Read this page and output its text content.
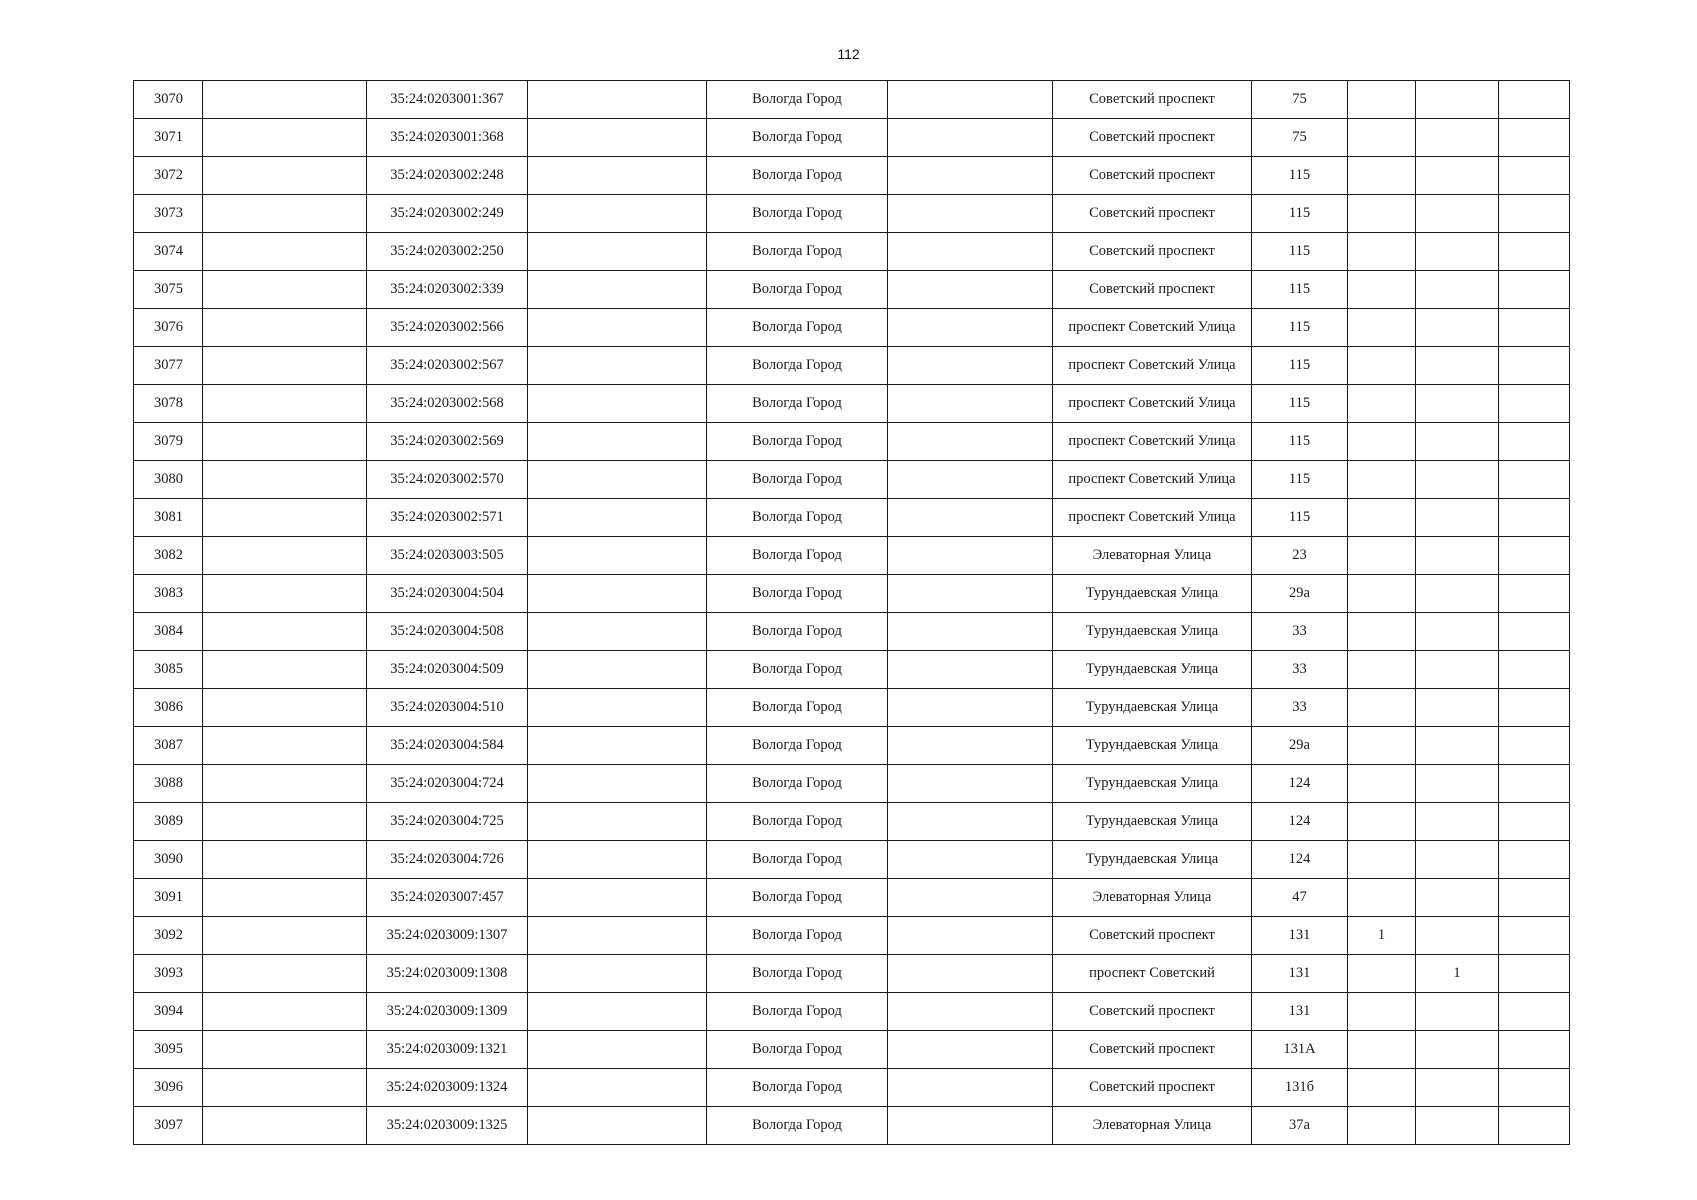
112
3070		35:24:0203001:367		Вологда Город		Советский проспект	75			
3071		35:24:0203001:368		Вологда Город		Советский проспект	75			
3072		35:24:0203002:248		Вологда Город		Советский проспект	115			
3073		35:24:0203002:249		Вологда Город		Советский проспект	115			
3074		35:24:0203002:250		Вологда Город		Советский проспект	115			
3075		35:24:0203002:339		Вологда Город		Советский проспект	115			
3076		35:24:0203002:566		Вологда Город		проспект Советский Улица	115			
3077		35:24:0203002:567		Вологда Город		проспект Советский Улица	115			
3078		35:24:0203002:568		Вологда Город		проспект Советский Улица	115			
3079		35:24:0203002:569		Вологда Город		проспект Советский Улица	115			
3080		35:24:0203002:570		Вологда Город		проспект Советский Улица	115			
3081		35:24:0203002:571		Вологда Город		проспект Советский Улица	115			
3082		35:24:0203003:505		Вологда Город		Элеваторная Улица	23			
3083		35:24:0203004:504		Вологда Город		Турундаевская Улица	29а			
3084		35:24:0203004:508		Вологда Город		Турундаевская Улица	33			
3085		35:24:0203004:509		Вологда Город		Турундаевская Улица	33			
3086		35:24:0203004:510		Вологда Город		Турундаевская Улица	33			
3087		35:24:0203004:584		Вологда Город		Турундаевская Улица	29а			
3088		35:24:0203004:724		Вологда Город		Турундаевская Улица	124			
3089		35:24:0203004:725		Вологда Город		Турундаевская Улица	124			
3090		35:24:0203004:726		Вологда Город		Турундаевская Улица	124			
3091		35:24:0203007:457		Вологда Город		Элеваторная Улица	47			
3092		35:24:0203009:1307		Вологда Город		Советский проспект	131	1		
3093		35:24:0203009:1308		Вологда Город		проспект Советский	131		1	
3094		35:24:0203009:1309		Вологда Город		Советский проспект	131			
3095		35:24:0203009:1321		Вологда Город		Советский проспект	131А			
3096		35:24:0203009:1324		Вологда Город		Советский проспект	131б			
3097		35:24:0203009:1325		Вологда Город		Элеваторная Улица	37а			
